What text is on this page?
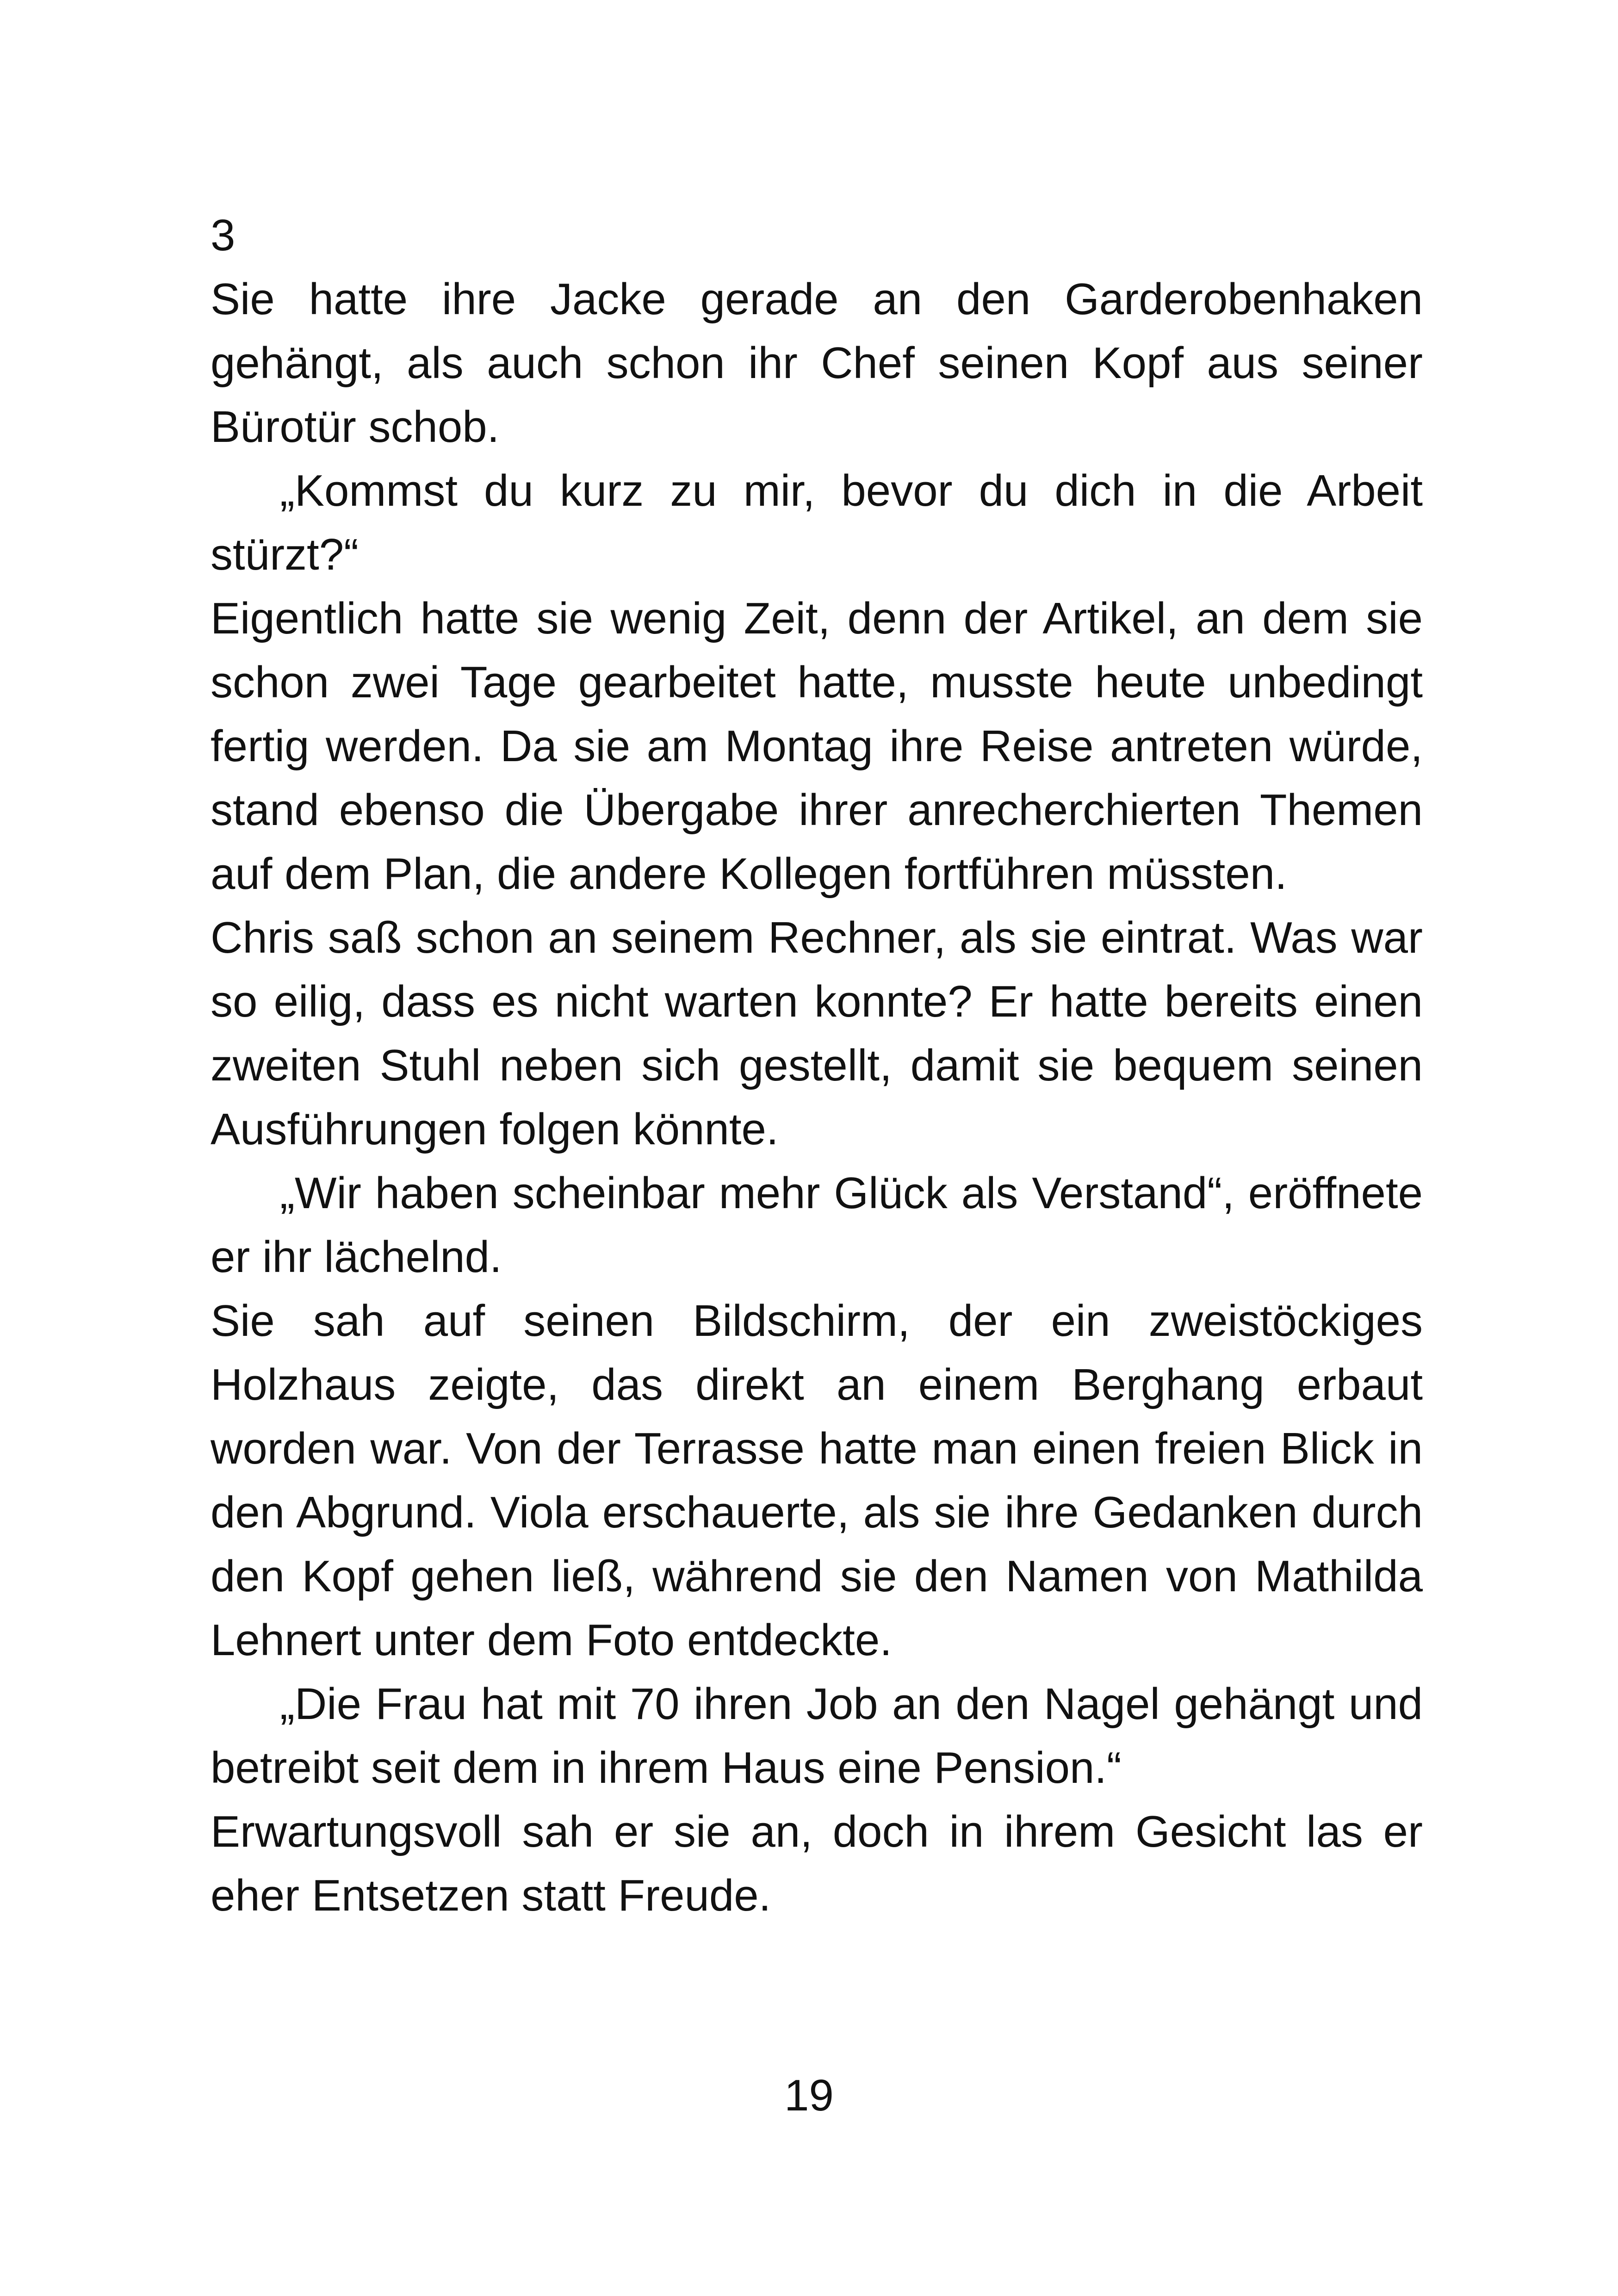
3

Sie hatte ihre Jacke gerade an den Garderobenhaken gehängt, als auch schon ihr Chef seinen Kopf aus seiner Bürotür schob.

„Kommst du kurz zu mir, bevor du dich in die Arbeit stürzt?“

Eigentlich hatte sie wenig Zeit, denn der Artikel, an dem sie schon zwei Tage gearbeitet hatte, musste heute unbedingt fertig werden. Da sie am Montag ihre Reise antreten würde, stand ebenso die Übergabe ihrer anrecherchierten Themen auf dem Plan, die andere Kollegen fortführen müssten.

Chris saß schon an seinem Rechner, als sie eintrat. Was war so eilig, dass es nicht warten konnte? Er hatte bereits einen zweiten Stuhl neben sich gestellt, damit sie bequem seinen Ausführungen folgen könnte.

„Wir haben scheinbar mehr Glück als Verstand“, eröffnete er ihr lächelnd.

Sie sah auf seinen Bildschirm, der ein zweistöckiges Holzhaus zeigte, das direkt an einem Berghang erbaut worden war. Von der Terrasse hatte man einen freien Blick in den Abgrund. Viola erschauerte, als sie ihre Gedanken durch den Kopf gehen ließ, während sie den Namen von Mathilda Lehnert unter dem Foto entdeckte.

„Die Frau hat mit 70 ihren Job an den Nagel gehängt und betreibt seit dem in ihrem Haus eine Pension.“

Erwartungsvoll sah er sie an, doch in ihrem Gesicht las er eher Entsetzen statt Freude.

19
